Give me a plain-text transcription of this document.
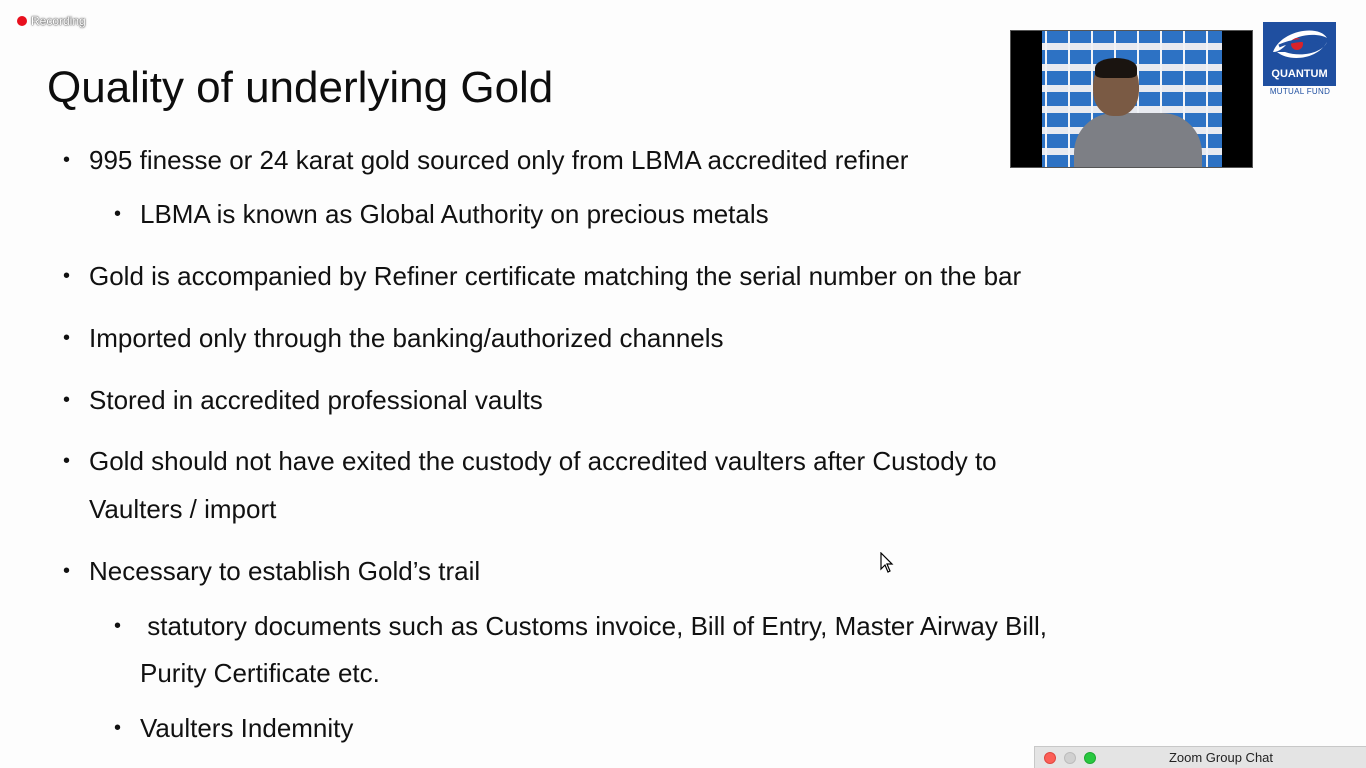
Recording
Quality of underlying Gold
• 995 finesse or 24 karat gold sourced only from LBMA accredited refiner
• LBMA is known as Global Authority on precious metals
• Gold is accompanied by Refiner certificate matching the serial number on the bar
• Imported only through the banking/authorized channels
• Stored in accredited professional vaults
• Gold should not have exited the custody of accredited vaulters after Custody to
Vaulters / import
• Necessary to establish Gold’s trail
• statutory documents such as Customs invoice, Bill of Entry, Master Airway Bill,
Purity Certificate etc.
• Vaulters Indemnity
QUANTUM
MUTUAL FUND
Zoom Group Chat
